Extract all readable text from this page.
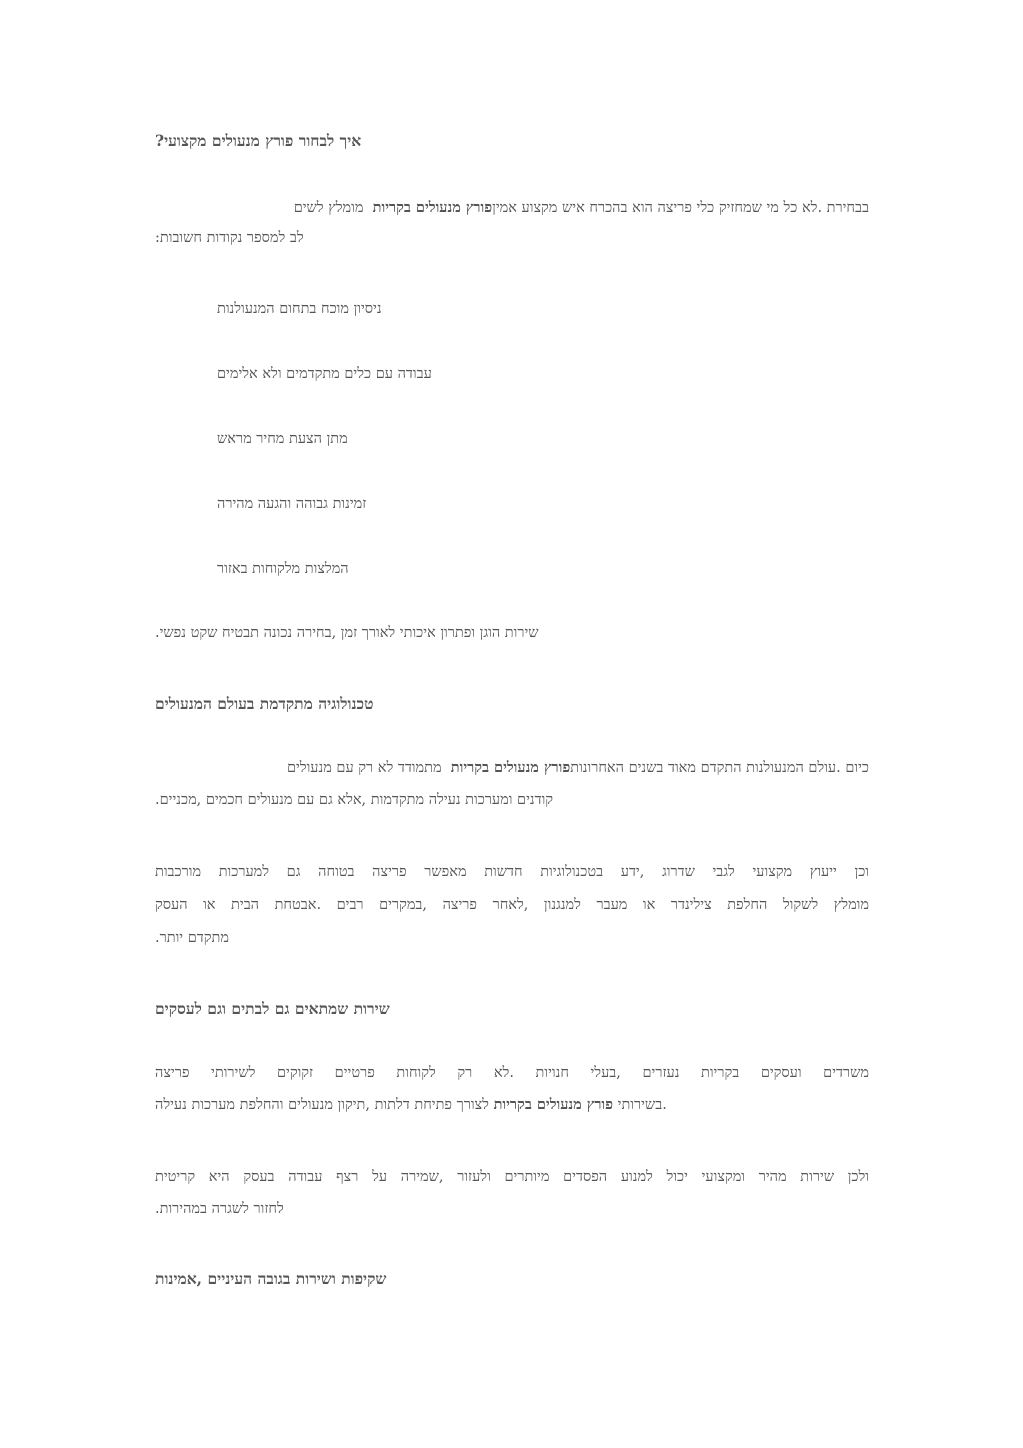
?איך לבחור פורץ מנעולים מקצועי
ניסיון מוכח בתחום המנעולנות
עבודה עם כלים מתקדמים ולא אלימים
מתן הצעת מחיר מראש
זמינות גבוהה והגעה מהירה
המלצות מלקוחות באזור

.שירות הוגן ופתרון איכותי לאורך זמן ,בחירה נכונה תבטיח שקט נפשי

טכנולוגיה מתקדמת בעולם המנעולים

כיום .עולם המנעולנות התקדם מאוד בשנים האחרונותפורץ מנעולים בקריות  מתמודד לא רק עם מנעולים

.קודנים ומערכות נעילה מתקדמות ,אלא גם עם מנעולים חכמים ,מכניים

וכן ייעוץ מקצועי לגבי שדרוג ,ידע בטכנולוגיות חדשות מאפשר פריצה בטוחה גם למערכות מורכבות

מומלץ לשקול החלפת צילינדר או מעבר למנגנון ,לאחר פריצה ,במקרים רבים .אבטחת הבית או העסק

.מתקדם יותר

שירות שמתאים גם לבתים וגם לעסקים

משרדים ועסקים בקריות נעזרים ,בעלי חנויות .לא רק לקוחות פרטיים זקוקים לשירותי פריצה

בשירותי פורץ מנעולים בקריות לצורך פתיחת דלתות ,תיקון מנעולים והחלפת מערכות נעילה.

ולכן שירות מהיר ומקצועי יכול למנוע הפסדים מיותרים ולעזור ,שמירה על רצף עבודה בעסק היא קריטית

.לחזור לשגרה במהירות

שקיפות ושירות בגובה העיניים ,אמינות

בבחירת .לא כל מי שמחזיק כלי פריצה הוא בהכרח איש מקצוע אמיןפורץ מנעולים בקריות  מומלץ לשים

:לב למספר נקודות חשובות
